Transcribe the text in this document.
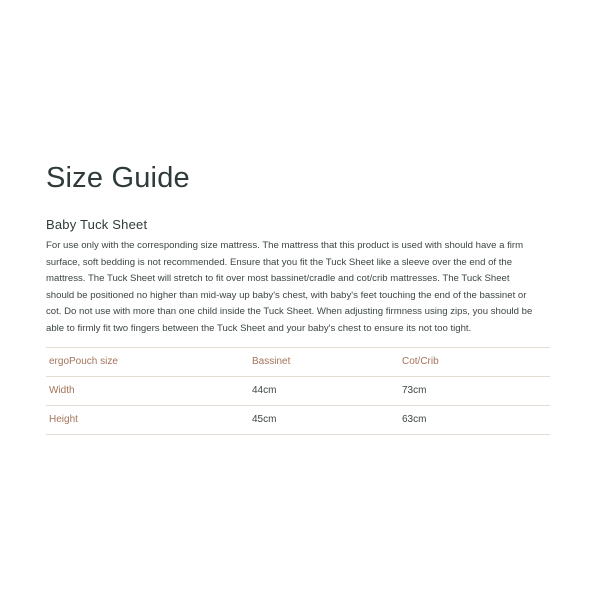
Size Guide
Baby Tuck Sheet
For use only with the corresponding size mattress. The mattress that this product is used with should have a firm
surface, soft bedding is not recommended. Ensure that you fit the Tuck Sheet like a sleeve over the end of the
mattress. The Tuck Sheet will stretch to fit over most bassinet/cradle and cot/crib mattresses. The Tuck Sheet
should be positioned no higher than mid-way up baby's chest, with baby's feet touching the end of the bassinet or
cot. Do not use with more than one child inside the Tuck Sheet. When adjusting firmness using zips, you should be
able to firmly fit two fingers between the Tuck Sheet and your baby's chest to ensure its not too tight.
ergoPouch size	Bassinet	Cot/Crib
Width	44cm	73cm
Height	45cm	63cm
